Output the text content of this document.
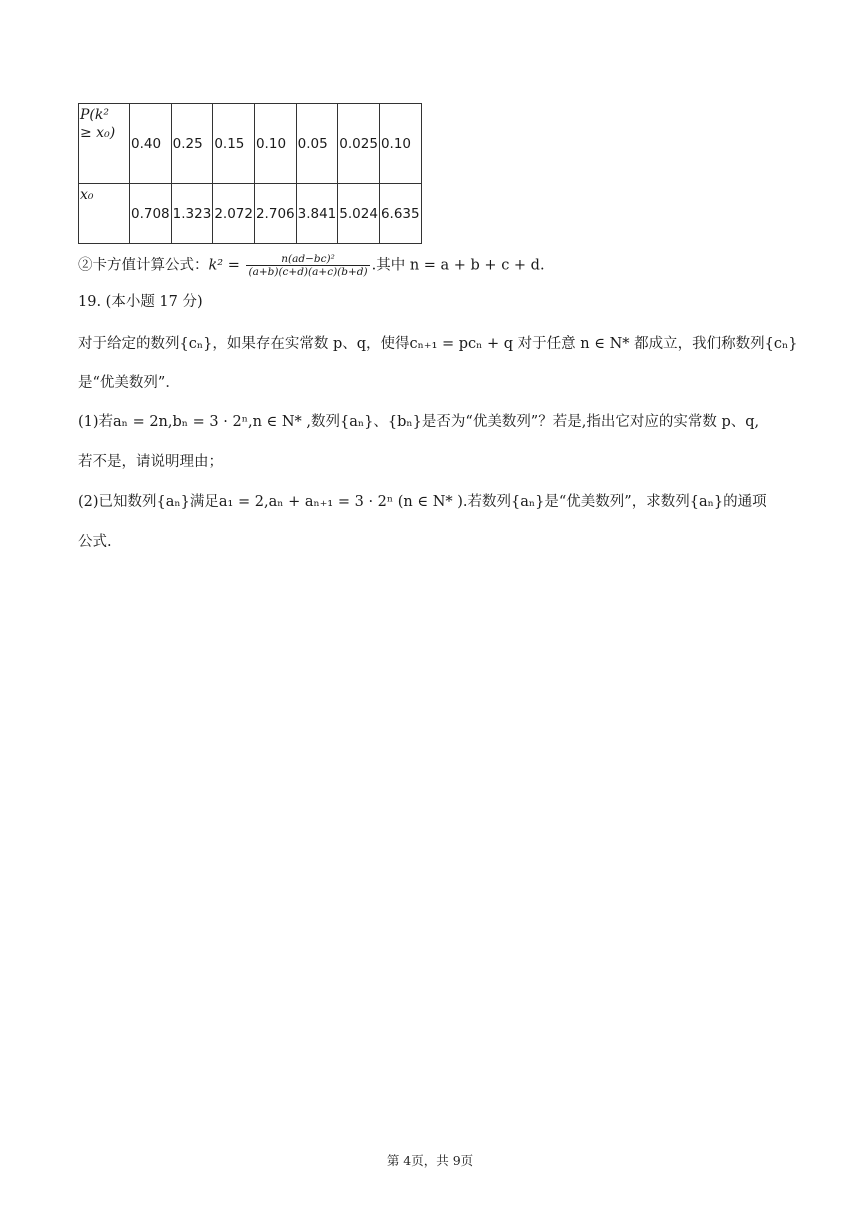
P(k²
≥ x₀)	0.40	0.25	0.15	0.10	0.05	0.025	0.10
x₀	0.708	1.323	2.072	2.706	3.841	5.024	6.635
②卡方值计算公式：$k^2 = \frac{\text{n(ad−bc)²}}{(a+b)(c+d)(a+c)(b+d)}$ .其中 n = a + b + c + d.
19. (本小题 17 分)
对于给定的数列{cₙ}，如果存在实常数 p、q，使得cₙ₊₁ = pcₙ + q 对于任意 n ∈ N* 都成立，我们称数列{cₙ}
是“优美数列”．
(1)若aₙ = 2n,bₙ = 3 · 2ⁿ,n ∈ N* ,数列{aₙ}、{bₙ}是否为“优美数列”？若是,指出它对应的实常数 p、q,
若不是，请说明理由；
(2)已知数列{aₙ}满足a₁ = 2,aₙ + aₙ₊₁ = 3 · 2ⁿ (n ∈ N* ).若数列{aₙ}是“优美数列”，求数列{aₙ}的通项
公式.
第 4页，共 9页
